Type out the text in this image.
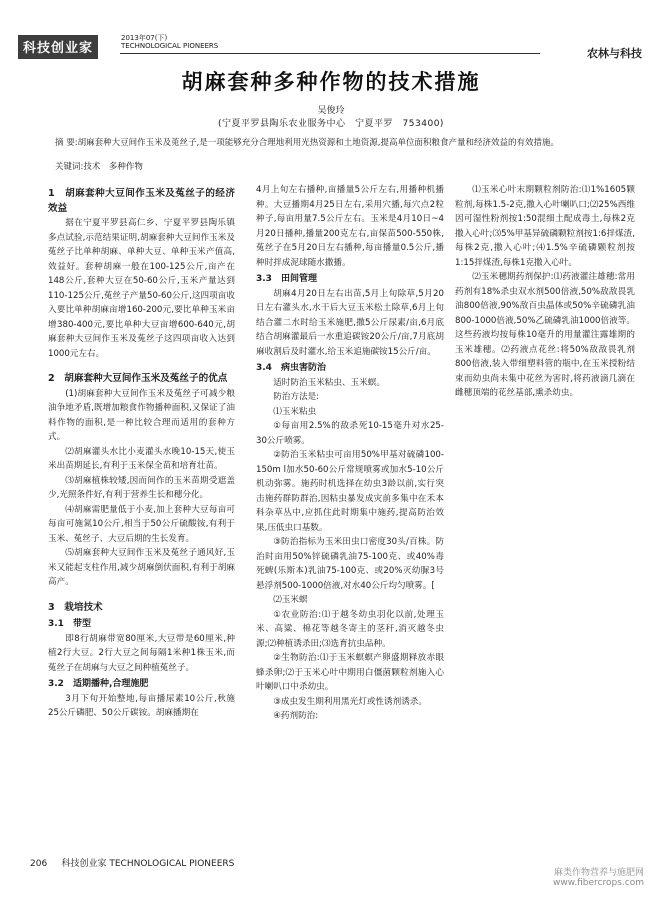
科技创业家
2013年07(下)
TECHNOLOGICAL PIONEERS
农林与科技
胡麻套种多种作物的技术措施
吴俊玲
(宁夏平罗县陶乐农业服务中心　宁夏平罗　753400)
摘 要:胡麻套种大豆间作玉米及莵丝子,是一项能够充分合理地利用光热资源和土地资源,提高单位面积粮食产量和经济效益的有效措施。
关键词:技术　多种作物

1　胡麻套种大豆间作玉米及菟丝子的经济效益

据在宁夏平罗县高仁乡、宁夏平罗县陶乐镇多点试验,示范结果证明,胡麻套种大豆间作玉米及菟丝子比单种胡麻、单种大豆、单种玉米产值高,效益好。套种胡麻一般在100-125公斤,亩产在148公斤,套种大豆在50-60公斤,玉米产量达到110-125公斤,菟丝子产量50-60公斤,这四项亩收入要比单种胡麻亩增160-200元,要比单种玉米亩增380-400元,要比单种大豆亩增600-640元,胡麻套种大豆间作玉米及菟丝子这四项亩收入达到1000元左右。

2　胡麻套种大豆间作玉米及菟丝子的优点

(1)胡麻套种大豆间作玉米及菟丝子可减少粮油争地矛盾,既增加粮食作物播种面积,又保证了油料作物的面积,是一种比较合理而适用的套种方式。

⑵胡麻灌头水比小麦灌头水晚10-15天,使玉米出苗期延长,有利于玉米保全苗和培育壮苗。

⑶胡麻植株较矮,因而间作的玉米苗期受遮盖少,光照条件好,有利于营养生长和穗分化。

⑷胡麻需肥量低于小麦,加上套种大豆每亩可每亩可施氮10公斤,相当于50公斤硫酸铵,有利于玉米、菟丝子、大豆后期的生长发育。

⑸胡麻套种大豆间作玉米及菟丝子通风好,玉米又能起支柱作用,减少胡麻倒伏面积,有利于胡麻高产。

3　栽培技术

3.1　带型

即8行胡麻带宽80厘米,大豆带是60厘米,种植2行大豆。2行大豆之间每隔1米种1株玉米,而菟丝子在胡麻与大豆之间种植菟丝子。

3.2　适期播种,合理施肥

3月下旬开始整地,每亩播尿素10公斤,秋施25公斤磷肥、50公斤碳铵。胡麻播期在

4月上旬左右播种,亩播量5公斤左右,用播种机播种。大豆播期4月25日左右,采用穴播,每穴点2粒种子,每亩用量7.5公斤左右。玉米是4月10日~4月20日播种,播量200克左右,亩保苗500-550株,菟丝子在5月20日左右播种,每亩播量0.5公斤,播种时拌成泥球随水撒播。

3.3　田间管理

胡麻4月20日左右出苗,5月上旬除草,5月20日左右灌头水,水干后大豆玉米松土除草,6月上旬结合灌二水时给玉米施肥,撒5公斤尿素/亩,6月底结合胡麻灌最后一水重追碳铵20公斤/亩,7月底胡麻收割后及时灌水,给玉米追施碳铵15公斤/亩。

3.4　病虫害防治

适时防治玉米粘虫、玉米螟。

防治方法是:

⑴玉米粘虫

①每亩用2.5%的敌杀死10-15毫升对水25-30公斤喷雾。

②防治玉米粘虫可亩用50%甲基对硫磷100-150m l加水50-60公斤常规喷雾或加水5-10公斤机动弥雾。施药时机选择在幼虫3龄以前,实行突击施药群防群治,因粘虫暴发成灾前多集中在禾本科杂草丛中,应抓住此时期集中施药,提高防治效果,压低虫口基数。

③防治指标为玉米田虫口密度30头/百株。防治时亩用50%锌硫磷乳油75-100克、或40%毒死蜱(乐斯本)乳油75-100克、或20%灭幼脲3号悬浮剂500-1000倍液,对水40公斤均匀喷雾。[

⑵玉米螟

①农业防治:⑴于越冬幼虫羽化以前,处理玉米、高粱、棉花等越冬寄主的茎秆,消灭越冬虫源;⑵种植诱杀田;⑶选育抗虫品种。

②生物防治:⑴于玉米螟螟产卵盛期释放赤眼蜂杀卵;⑵于玉米心叶中期用白僵菌颗粒剂施入心叶喇叭口中杀幼虫。

③成虫发生期利用黑光灯或性诱剂诱杀。

④药剂防治:

⑴玉米心叶末期颗粒剂防治:⑴1%1605颗粒剂,每株1.5-2克,撒入心叶喇叭口;⑵25%西维因可湿性粉剂按1:50混细土配成毒土,每株2克撒入心叶;⑶5%甲基异硫磷颗粒剂按1:6拌煤渣,每株2克,撒入心叶;⑷1.5%辛硫磷颗粒剂按1:15拌煤渣,每株1克撒入心叶。

⑵玉米穗期药剂保护:⑴药液灌注雄穗:常用药剂有18%杀虫双水剂500倍液,50%敌敌畏乳油800倍液,90%敌百虫晶体或50%辛硫磷乳油800-1000倍液,50%乙硫磷乳油1000倍液等。这些药液均按每株10毫升的用量灌注露雄期的玉米雄穗。⑵药液点花丝:将50%敌敌畏乳剂800倍液,装入带细塑料管的瓶中,在玉米授粉结束而幼虫尚未集中花丝为害时,将药液滴几滴在雌穗顶端的花丝基部,熏杀幼虫。

206 科技创业家 TECHNOLOGICAL PIONEERS
麻类作物营养与施肥网
www.fibercrops.com
